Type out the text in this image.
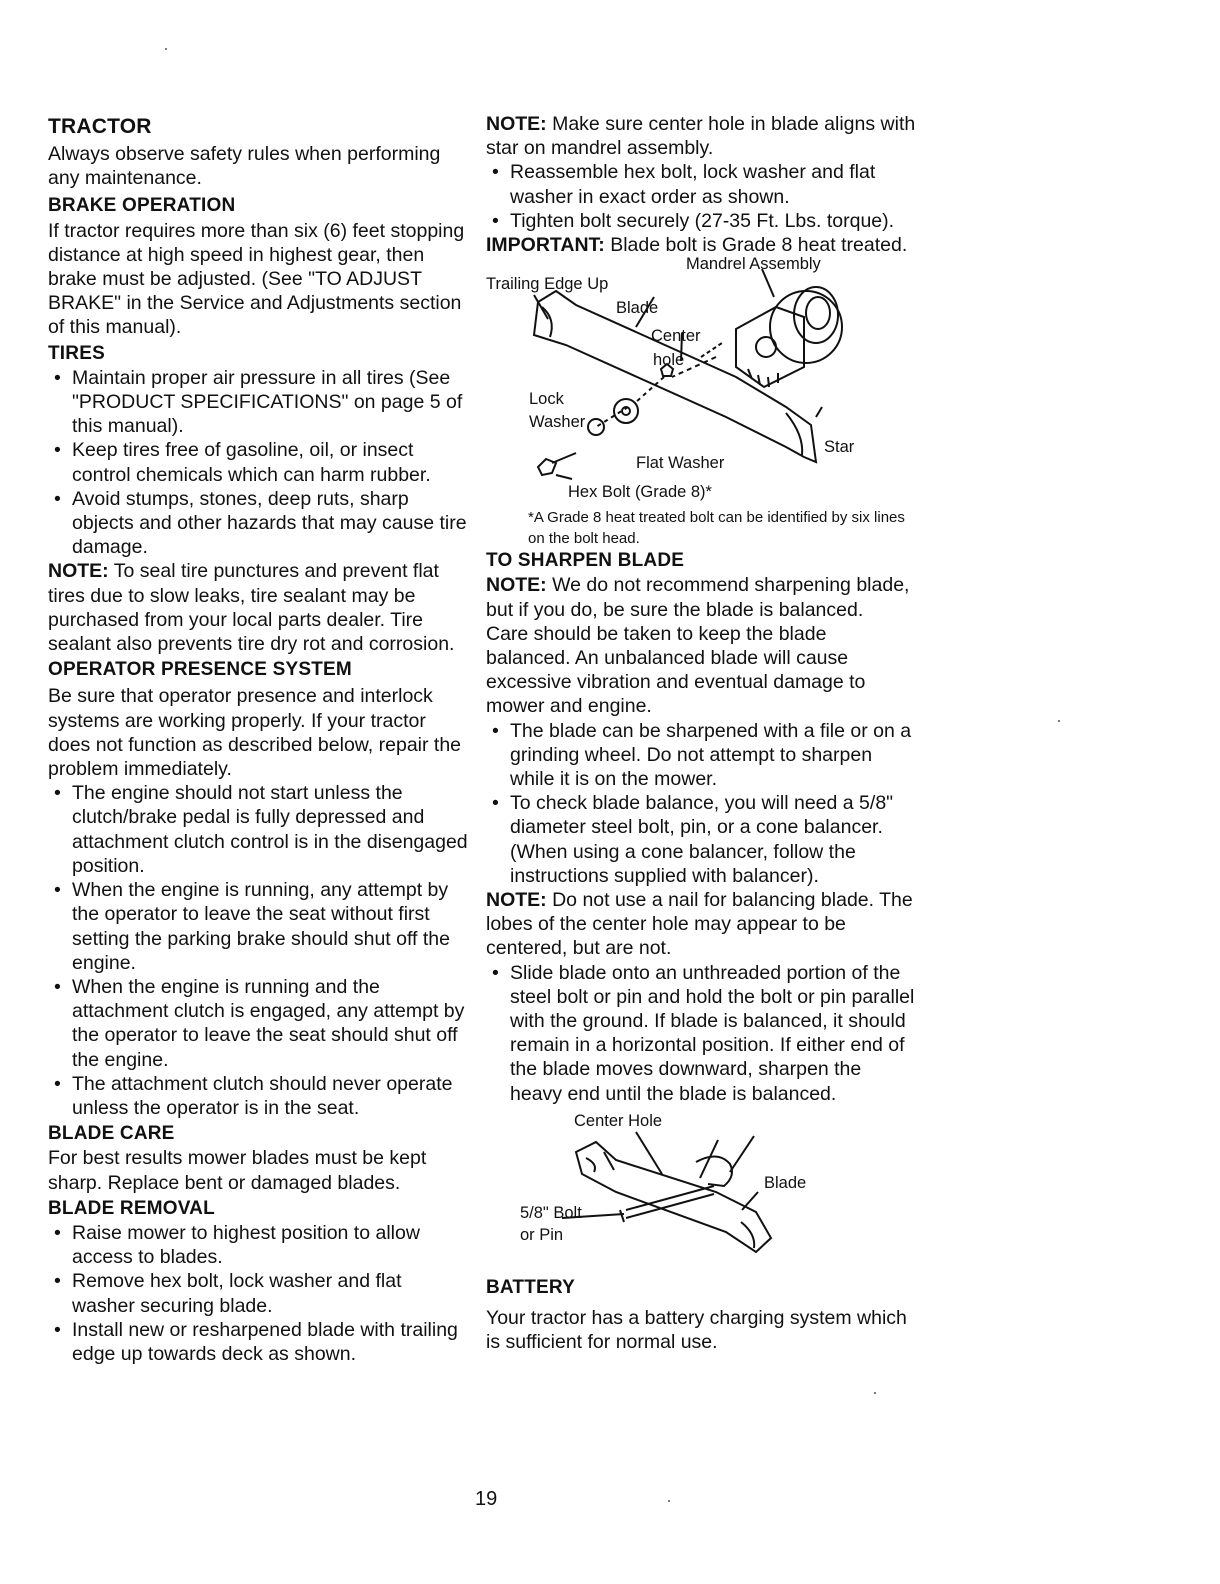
TRACTOR

Always observe safety rules when performing any maintenance.

BRAKE OPERATION

If tractor requires more than six (6) feet stopping distance at high speed in highest gear, then brake must be adjusted. (See "TO ADJUST BRAKE" in the Service and Adjustments section of this manual).

TIRES

• Maintain proper air pressure in all tires (See "PRODUCT SPECIFICATIONS" on page 5 of this manual).
• Keep tires free of gasoline, oil, or insect control chemicals which can harm rubber.
• Avoid stumps, stones, deep ruts, sharp objects and other hazards that may cause tire damage.

NOTE: To seal tire punctures and prevent flat tires due to slow leaks, tire sealant may be purchased from your local parts dealer. Tire sealant also prevents tire dry rot and corrosion.

OPERATOR PRESENCE SYSTEM

Be sure that operator presence and interlock systems are working properly. If your tractor does not function as described below, repair the problem immediately.

• The engine should not start unless the clutch/brake pedal is fully depressed and attachment clutch control is in the disengaged position.
• When the engine is running, any attempt by the operator to leave the seat without first setting the parking brake should shut off the engine.
• When the engine is running and the attachment clutch is engaged, any attempt by the operator to leave the seat should shut off the engine.
• The attachment clutch should never operate unless the operator is in the seat.

BLADE CARE

For best results mower blades must be kept sharp. Replace bent or damaged blades.

BLADE REMOVAL

• Raise mower to highest position to allow access to blades.
• Remove hex bolt, lock washer and flat washer securing blade.
• Install new or resharpened blade with trailing edge up towards deck as shown.

NOTE: Make sure center hole in blade aligns with star on mandrel assembly.

• Reassemble hex bolt, lock washer and flat washer in exact order as shown.
• Tighten bolt securely (27-35 Ft. Lbs. torque).

IMPORTANT: Blade bolt is Grade 8 heat treated.

Mandrel Assembly
Trailing Edge Up
Blade
Center
hole
Lock
Washer
Star
Flat Washer
Hex Bolt (Grade 8)*

*A Grade 8 heat treated bolt can be identified by six lines on the bolt head.

TO SHARPEN BLADE

NOTE: We do not recommend sharpening blade, but if you do, be sure the blade is balanced.

Care should be taken to keep the blade balanced. An unbalanced blade will cause excessive vibration and eventual damage to mower and engine.

• The blade can be sharpened with a file or on a grinding wheel. Do not attempt to sharpen while it is on the mower.
• To check blade balance, you will need a 5/8" diameter steel bolt, pin, or a cone balancer. (When using a cone balancer, follow the instructions supplied with balancer).

NOTE: Do not use a nail for balancing blade. The lobes of the center hole may appear to be centered, but are not.

• Slide blade onto an unthreaded portion of the steel bolt or pin and hold the bolt or pin parallel with the ground. If blade is balanced, it should remain in a horizontal position. If either end of the blade moves downward, sharpen the heavy end until the blade is balanced.
Center Hole
Blade
5/8" Bolt
or Pin

BATTERY

Your tractor has a battery charging system which is sufficient for normal use.

19
